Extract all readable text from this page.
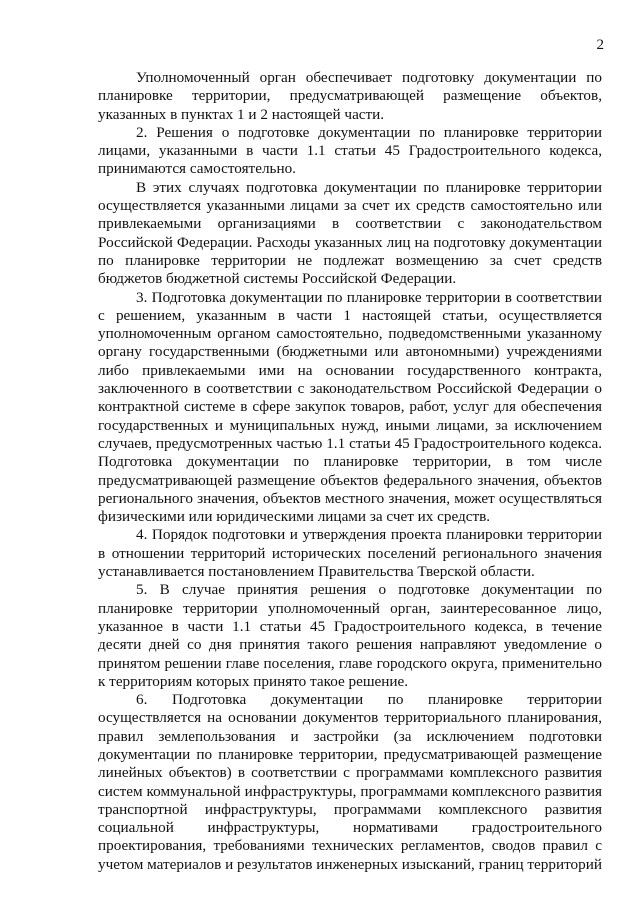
2

Уполномоченный орган обеспечивает подготовку документации по планировке территории, предусматривающей размещение объектов, указанных в пунктах 1 и 2 настоящей части.

2. Решения о подготовке документации по планировке территории лицами, указанными в части 1.1 статьи 45 Градостроительного кодекса, принимаются самостоятельно.

В этих случаях подготовка документации по планировке территории осуществляется указанными лицами за счет их средств самостоятельно или привлекаемыми организациями в соответствии с законодательством Российской Федерации. Расходы указанных лиц на подготовку документации по планировке территории не подлежат возмещению за счет средств бюджетов бюджетной системы Российской Федерации.

3. Подготовка документации по планировке территории в соответствии с решением, указанным в части 1 настоящей статьи, осуществляется уполномоченным органом самостоятельно, подведомственными указанному органу государственными (бюджетными или автономными) учреждениями либо привлекаемыми ими на основании государственного контракта, заключенного в соответствии с законодательством Российской Федерации о контрактной системе в сфере закупок товаров, работ, услуг для обеспечения государственных и муниципальных нужд, иными лицами, за исключением случаев, предусмотренных частью 1.1 статьи 45 Градостроительного кодекса. Подготовка документации по планировке территории, в том числе предусматривающей размещение объектов федерального значения, объектов регионального значения, объектов местного значения, может осуществляться физическими или юридическими лицами за счет их средств.

4. Порядок подготовки и утверждения проекта планировки территории в отношении территорий исторических поселений регионального значения устанавливается постановлением Правительства Тверской области.

5. В случае принятия решения о подготовке документации по планировке территории уполномоченный орган, заинтересованное лицо, указанное в части 1.1 статьи 45 Градостроительного кодекса, в течение десяти дней со дня принятия такого решения направляют уведомление о принятом решении главе поселения, главе городского округа, применительно к территориям которых принято такое решение.

6. Подготовка документации по планировке территории осуществляется на основании документов территориального планирования, правил землепользования и застройки (за исключением подготовки документации по планировке территории, предусматривающей размещение линейных объектов) в соответствии с программами комплексного развития систем коммунальной инфраструктуры, программами комплексного развития транспортной инфраструктуры, программами комплексного развития социальной инфраструктуры, нормативами градостроительного проектирования, требованиями технических регламентов, сводов правил с учетом материалов и результатов инженерных изысканий, границ территорий
